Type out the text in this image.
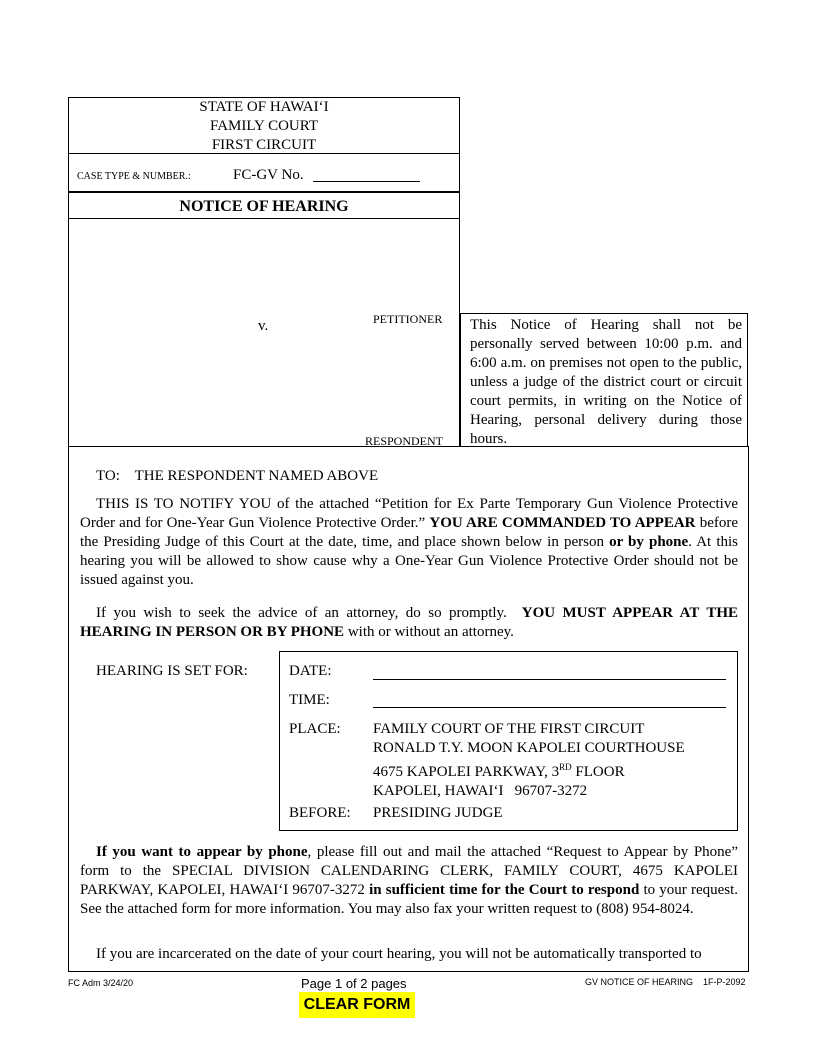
STATE OF HAWAI‘I
FAMILY COURT
FIRST CIRCUIT
CASE TYPE & NUMBER.:	FC-GV No.
NOTICE OF HEARING
PETITIONER
v.
RESPONDENT
This Notice of Hearing shall not be personally served between 10:00 p.m. and 6:00 a.m. on premises not open to the public, unless a judge of the district court or circuit court permits, in writing on the Notice of Hearing, personal delivery during those hours.
TO: THE RESPONDENT NAMED ABOVE
THIS IS TO NOTIFY YOU of the attached “Petition for Ex Parte Temporary Gun Violence Protective Order and for One-Year Gun Violence Protective Order.” YOU ARE COMMANDED TO APPEAR before the Presiding Judge of this Court at the date, time, and place shown below in person or by phone. At this hearing you will be allowed to show cause why a One-Year Gun Violence Protective Order should not be issued against you.
If you wish to seek the advice of an attorney, do so promptly. YOU MUST APPEAR AT THE HEARING IN PERSON OR BY PHONE with or without an attorney.
HEARING IS SET FOR:	DATE:
TIME:
PLACE: FAMILY COURT OF THE FIRST CIRCUIT
RONALD T.Y. MOON KAPOLEI COURTHOUSE
4675 KAPOLEI PARKWAY, 3RD FLOOR
KAPOLEI, HAWAI‘I   96707-3272
BEFORE: PRESIDING JUDGE
If you want to appear by phone, please fill out and mail the attached “Request to Appear by Phone” form to the SPECIAL DIVISION CALENDARING CLERK, FAMILY COURT, 4675 KAPOLEI PARKWAY, KAPOLEI, HAWAI‘I 96707-3272 in sufficient time for the Court to respond to your request. See the attached form for more information. You may also fax your written request to (808) 954-8024.
If you are incarcerated on the date of your court hearing, you will not be automatically transported to
FC Adm 3/24/20	Page 1 of 2 pages	GV NOTICE OF HEARING    1F-P-2092
CLEAR FORM
